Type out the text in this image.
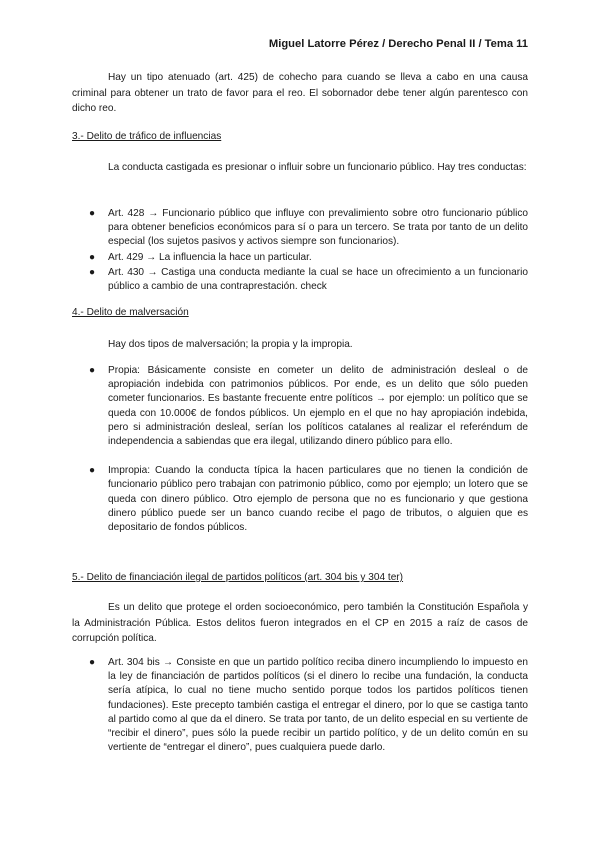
Miguel Latorre Pérez / Derecho Penal II / Tema 11

Hay un tipo atenuado (art. 425) de cohecho para cuando se lleva a cabo en una causa criminal para obtener un trato de favor para el reo. El sobornador debe tener algún parentesco con dicho reo.

3.- Delito de tráfico de influencias

La conducta castigada es presionar o influir sobre un funcionario público. Hay tres conductas:

● Art. 428 → Funcionario público que influye con prevalimiento sobre otro funcionario público para obtener beneficios económicos para sí o para un tercero. Se trata por tanto de un delito especial (los sujetos pasivos y activos siempre son funcionarios).
● Art. 429 → La influencia la hace un particular.
● Art. 430 → Castiga una conducta mediante la cual se hace un ofrecimiento a un funcionario público a cambio de una contraprestación. check

4.- Delito de malversación

Hay dos tipos de malversación; la propia y la impropia.

● Propia: Básicamente consiste en cometer un delito de administración desleal o de apropiación indebida con patrimonios públicos. Por ende, es un delito que sólo pueden cometer funcionarios. Es bastante frecuente entre políticos → por ejemplo: un político que se queda con 10.000€ de fondos públicos. Un ejemplo en el que no hay apropiación indebida, pero si administración desleal, serían los políticos catalanes al realizar el referéndum de independencia a sabiendas que era ilegal, utilizando dinero público para ello.
● Impropia: Cuando la conducta típica la hacen particulares que no tienen la condición de funcionario público pero trabajan con patrimonio público, como por ejemplo; un lotero que se queda con dinero público. Otro ejemplo de persona que no es funcionario y que gestiona dinero público puede ser un banco cuando recibe el pago de tributos, o alguien que es depositario de fondos públicos.

5.- Delito de financiación ilegal de partidos políticos (art. 304 bis y 304 ter)

Es un delito que protege el orden socioeconómico, pero también la Constitución Española y la Administración Pública. Estos delitos fueron integrados en el CP en 2015 a raíz de casos de corrupción política.

● Art. 304 bis → Consiste en que un partido político reciba dinero incumpliendo lo impuesto en la ley de financiación de partidos políticos (si el dinero lo recibe una fundación, la conducta sería atípica, lo cual no tiene mucho sentido porque todos los partidos políticos tienen fundaciones). Este precepto también castiga el entregar el dinero, por lo que se castiga tanto al partido como al que da el dinero. Se trata por tanto, de un delito especial en su vertiente de “recibir el dinero”, pues sólo la puede recibir un partido político, y de un delito común en su vertiente de “entregar el dinero”, pues cualquiera puede darlo.
